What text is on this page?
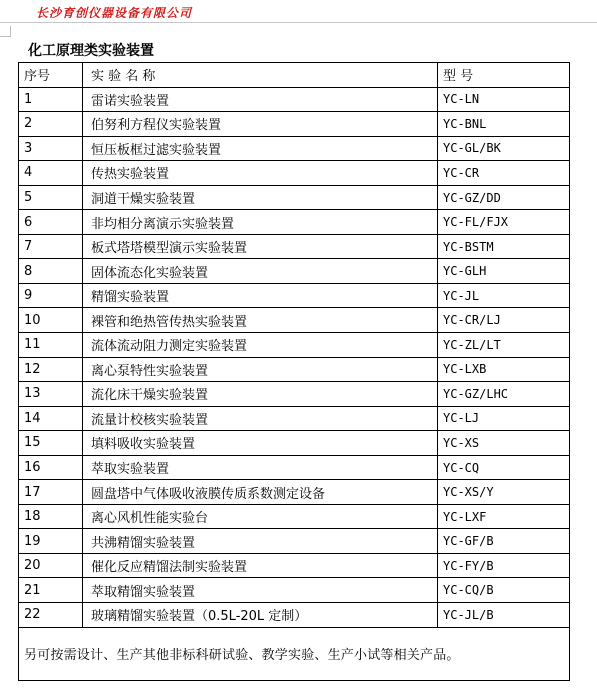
长沙育创仪器设备有限公司
化工原理类实验装置
序号	实 验 名 称	型 号
1	雷诺实验装置	YC-LN
2	伯努利方程仪实验装置	YC-BNL
3	恒压板框过滤实验装置	YC-GL/BK
4	传热实验装置	YC-CR
5	洞道干燥实验装置	YC-GZ/DD
6	非均相分离演示实验装置	YC-FL/FJX
7	板式塔塔模型演示实验装置	YC-BSTM
8	固体流态化实验装置	YC-GLH
9	精馏实验装置	YC-JL
10	裸管和绝热管传热实验装置	YC-CR/LJ
11	流体流动阻力测定实验装置	YC-ZL/LT
12	离心泵特性实验装置	YC-LXB
13	流化床干燥实验装置	YC-GZ/LHC
14	流量计校核实验装置	YC-LJ
15	填料吸收实验装置	YC-XS
16	萃取实验装置	YC-CQ
17	圆盘塔中气体吸收液膜传质系数测定设备	YC-XS/Y
18	离心风机性能实验台	YC-LXF
19	共沸精馏实验装置	YC-GF/B
20	催化反应精馏法制实验装置	YC-FY/B
21	萃取精馏实验装置	YC-CQ/B
22	玻璃精馏实验装置（0.5L-20L 定制）	YC-JL/B
另可按需设计、生产其他非标科研试验、教学实验、生产小试等相关产品。		
